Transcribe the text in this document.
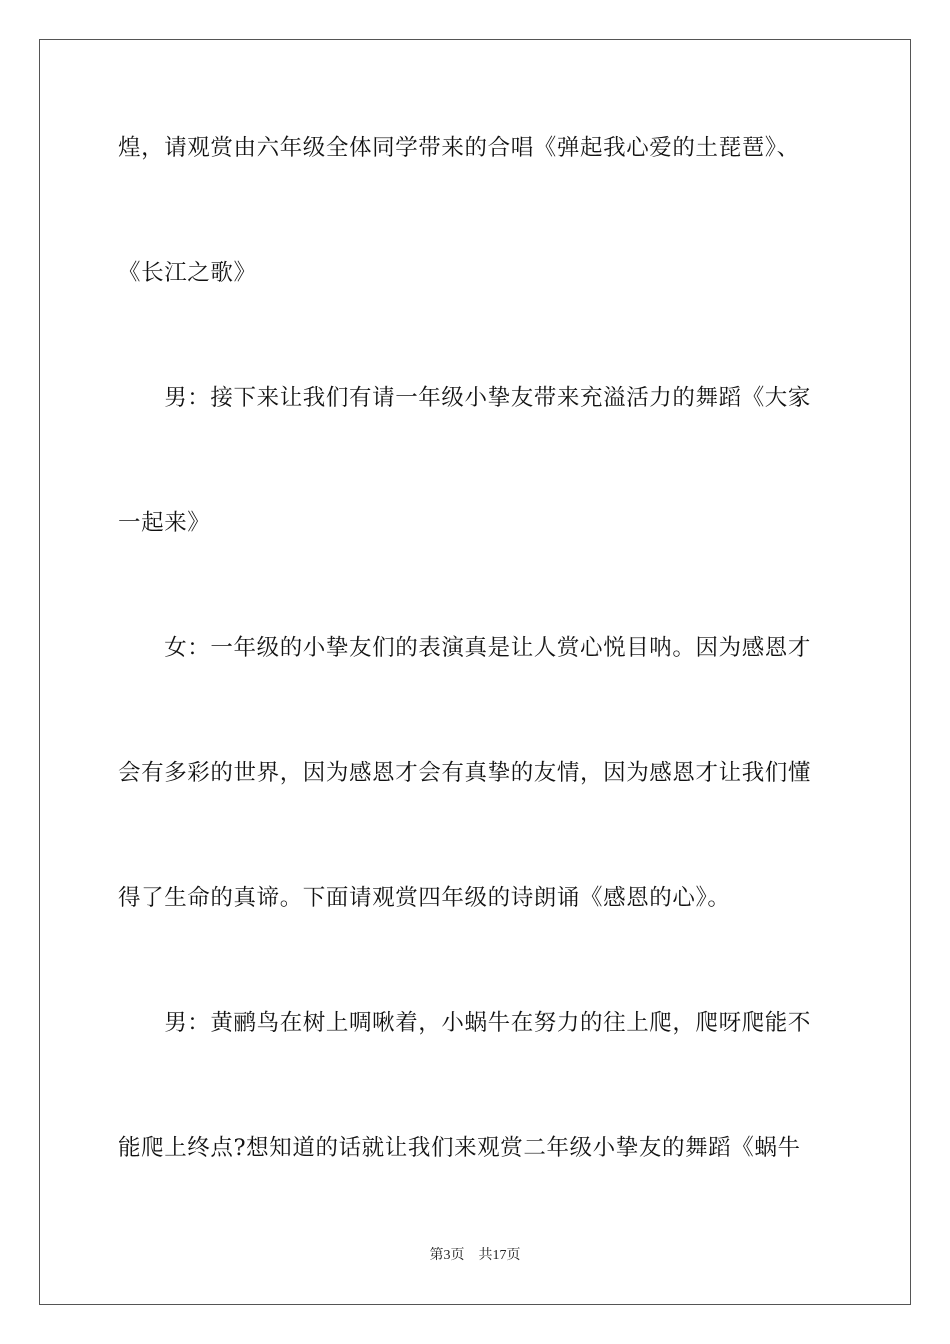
煌，请观赏由六年级全体同学带来的合唱《弹起我心爱的土琵琶》、
《长江之歌》
　　男：接下来让我们有请一年级小挚友带来充溢活力的舞蹈《大家
一起来》
　　女：一年级的小挚友们的表演真是让人赏心悦目呐。因为感恩才
会有多彩的世界，因为感恩才会有真挚的友情，因为感恩才让我们懂
得了生命的真谛。下面请观赏四年级的诗朗诵《感恩的心》。
　　男：黄鹂鸟在树上啁啾着，小蜗牛在努力的往上爬，爬呀爬能不
能爬上终点?想知道的话就让我们来观赏二年级小挚友的舞蹈《蜗牛
第3页 共17页
